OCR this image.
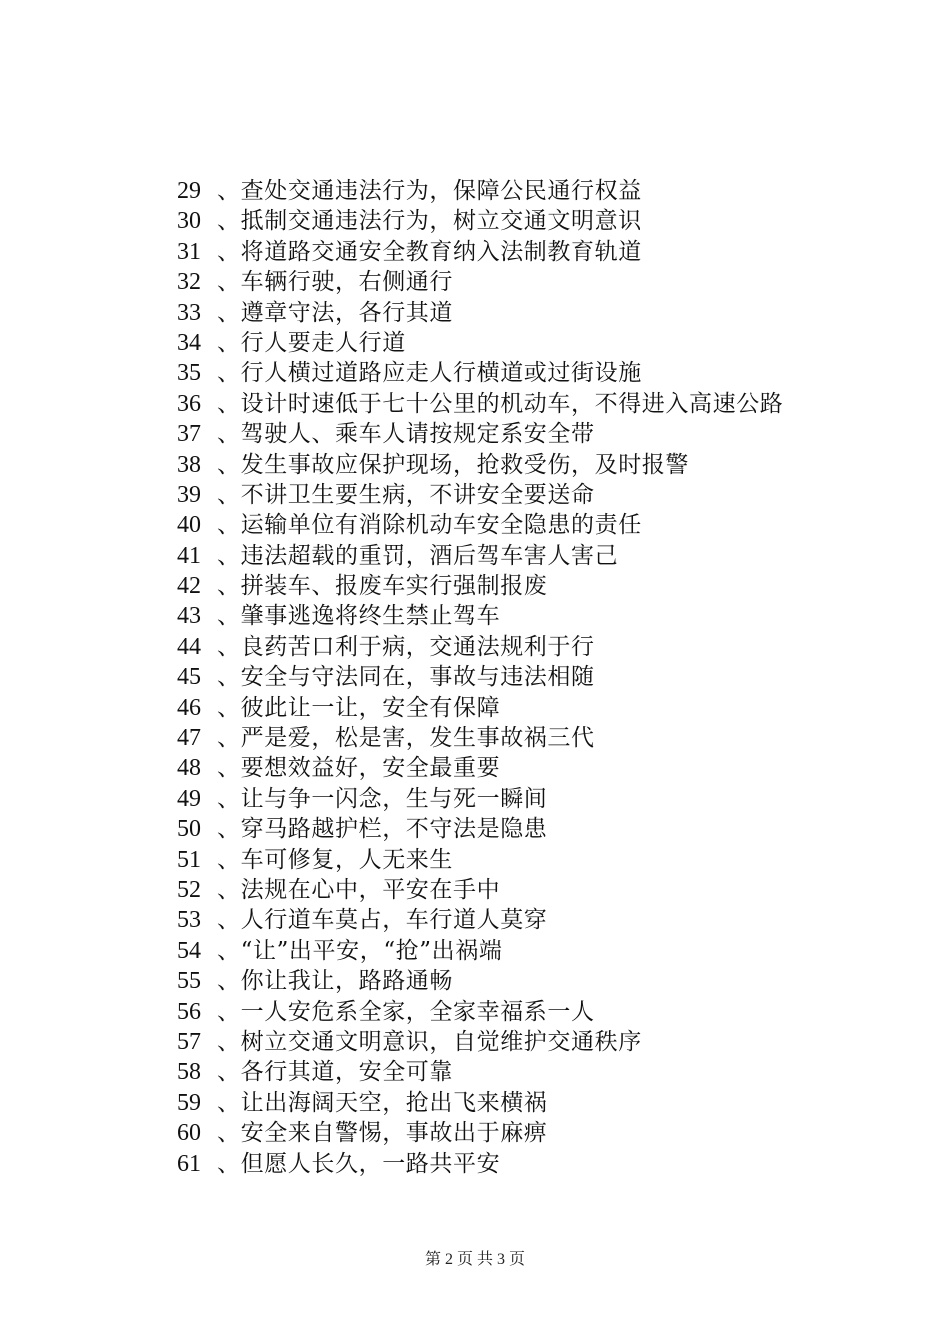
29 、查处交通违法行为，保障公民通行权益
30 、抵制交通违法行为，树立交通文明意识
31 、将道路交通安全教育纳入法制教育轨道
32 、车辆行驶，右侧通行
33 、遵章守法，各行其道
34 、行人要走人行道
35 、行人横过道路应走人行横道或过街设施
36 、设计时速低于七十公里的机动车，不得进入高速公路
37 、驾驶人、乘车人请按规定系安全带
38 、发生事故应保护现场，抢救受伤，及时报警
39 、不讲卫生要生病，不讲安全要送命
40 、运输单位有消除机动车安全隐患的责任
41 、违法超载的重罚，酒后驾车害人害己
42 、拼装车、报废车实行强制报废
43 、肇事逃逸将终生禁止驾车
44 、良药苦口利于病，交通法规利于行
45 、安全与守法同在，事故与违法相随
46 、彼此让一让，安全有保障
47 、严是爱，松是害，发生事故祸三代
48 、要想效益好，安全最重要
49 、让与争一闪念，生与死一瞬间
50 、穿马路越护栏，不守法是隐患
51 、车可修复，人无来生
52 、法规在心中，平安在手中
53 、人行道车莫占，车行道人莫穿
54 、“让”出平安，“抢”出祸端
55 、你让我让，路路通畅
56 、一人安危系全家，全家幸福系一人
57 、树立交通文明意识，自觉维护交通秩序
58 、各行其道，安全可靠
59 、让出海阔天空，抢出飞来横祸
60 、安全来自警惕，事故出于麻痹
61 、但愿人长久，一路共平安
第 2 页 共 3 页
